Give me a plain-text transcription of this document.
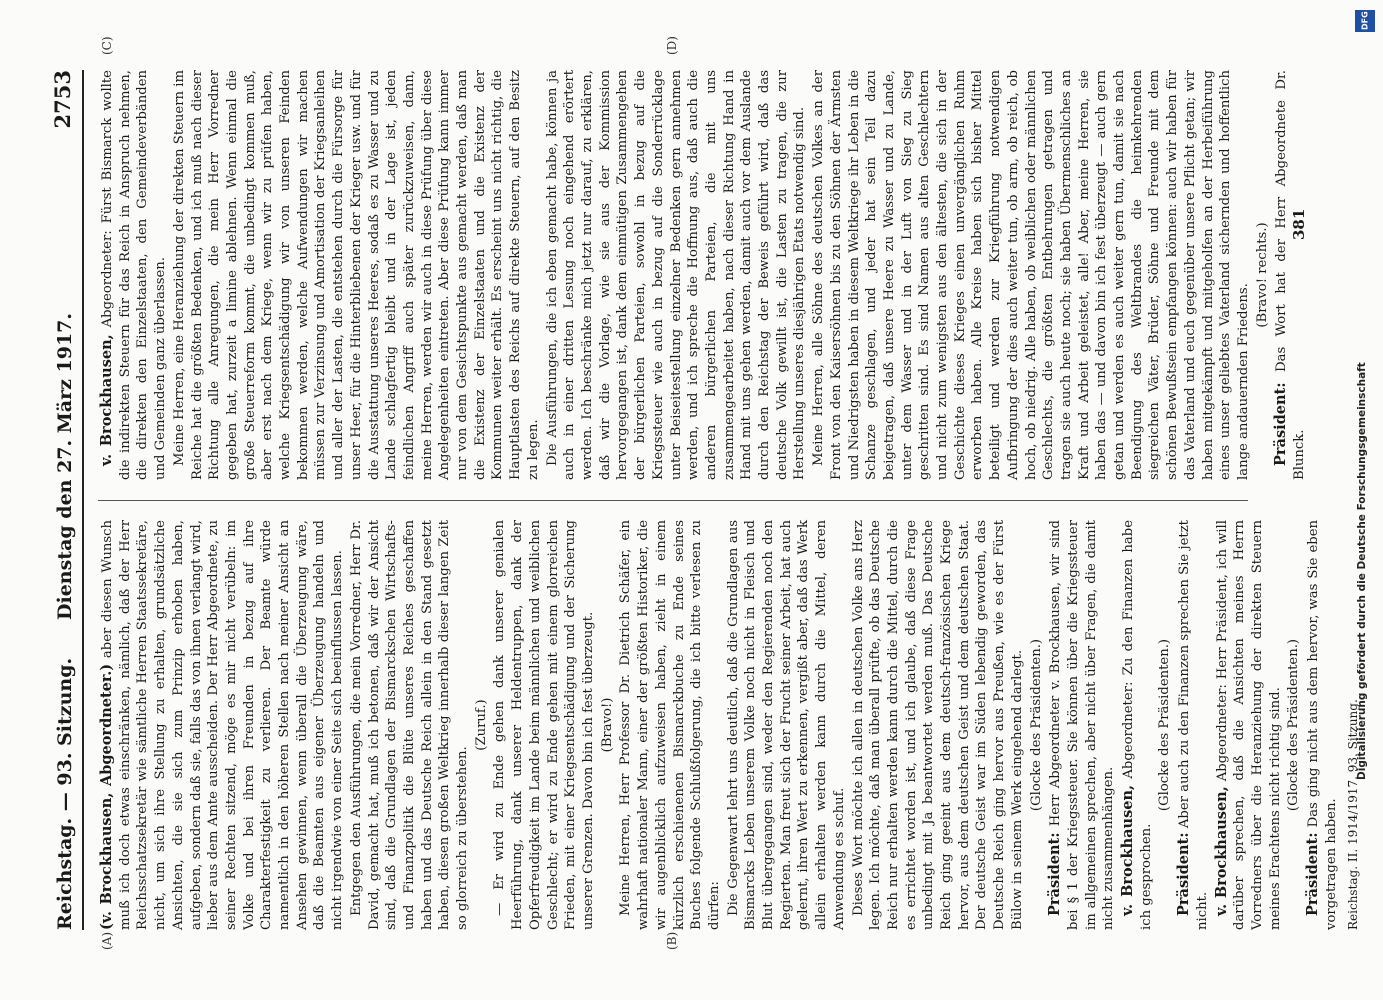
Reichstag. — 93. Sitzung.
Dienstag den 27. März 1917.
2753
(A)	(B)
(C)	(D)

(v. Brockhausen, Abgeordneter.) aber diesen Wunsch muß ich doch etwas einschränken, nämlich, daß der Herr Reichsschatzsekretär wie sämtliche Herren Staatssekretäre, nicht, um sich ihre Stellung zu erhalten, grundsätzliche Ansichten, die sie sich zum Prinzip erhoben haben, aufgeben, sondern daß sie, falls das von ihnen verlangt wird, lieber aus dem Amte ausscheiden. Der Herr Abgeordnete, zu seiner Rechten sitzend, möge es mir nicht verübeln: im Volke und bei ihren Freunden in bezug auf ihre Charakterfestigkeit zu verlieren. Der Beamte würde namentlich in den höheren Stellen nach meiner Ansicht an Ansehen gewinnen, wenn überall die Überzeugung wäre, daß die Beamten aus eigener Überzeugung handeln und nicht irgendwie von einer Seite sich beeinflussen lassen. Entgegen den Ausführungen, die mein Vorredner, Herr Dr. David, gemacht hat, muß ich betonen, daß wir der Ansicht sind, daß die Grundlagen der Bismarckschen Wirtschafts- und Finanzpolitik die Blüte unseres Reiches geschaffen haben und das Deutsche Reich allein in den Stand gesetzt haben, diesen großen Weltkrieg innerhalb dieser langen Zeit so glorreich zu überstehen.

(Zuruf.) — Er wird zu Ende gehen dank unserer genialen Heerführung, dank unserer Heldentruppen, dank der Opferfreudigkeit im Lande beim männlichen und weiblichen Geschlecht; er wird zu Ende gehen mit einem glorreichen Frieden, mit einer Kriegsentschädigung und der Sicherung unserer Grenzen. Davon bin ich fest überzeugt. (Bravo!) Meine Herren, Herr Professor Dr. Dietrich Schäfer, ein wahrhaft nationaler Mann, einer der größten Historiker, die wir augenblicklich aufzuweisen haben, zieht in einem kürzlich erschienenen Bismarckbuche zu Ende seines Buches folgende Schlußfolgerung, die ich bitte verlesen zu dürfen: Die Gegenwart lehrt uns deutlich, daß die Grundlagen aus Bismarcks Leben unserem Volke noch nicht in Fleisch und Blut übergegangen sind, weder den Regierenden noch den Regierten. Man freut sich der Frucht seiner Arbeit, hat auch gelernt, ihren Wert zu erkennen, vergißt aber, daß das Werk allein erhalten werden kann durch die Mittel, deren Anwendung es schuf. Dieses Wort möchte ich allen in deutschen Volke ans Herz legen. Ich möchte, daß man überall prüfte, ob das Deutsche Reich nur erhalten werden kann durch die Mittel, durch die es errichtet worden ist, und ich glaube, daß diese Frage unbedingt mit Ja beantwortet werden muß. Das Deutsche Reich ging geeint aus dem deutsch-französischen Kriege hervor, aus dem deutschen Geist und dem deutschen Staat. Der deutsche Geist war im Süden lebendig geworden, das Deutsche Reich ging hervor aus Preußen, wie es der Fürst Bülow in seinem Werk eingehend darlegt. (Glocke des Präsidenten.)

Präsident: Herr Abgeordneter v. Brockhausen, wir sind bei § 1 der Kriegssteuer. Sie können über die Kriegssteuer im allgemeinen sprechen, aber nicht über Fragen, die damit nicht zusammenhängen. v. Brockhausen, Abgeordneter: Zu den Finanzen habe ich gesprochen.

(Glocke des Präsidenten.)

Präsident: Aber auch zu den Finanzen sprechen Sie jetzt nicht. v. Brockhausen, Abgeordneter: Herr Präsident, ich will darüber sprechen, daß die Ansichten meines Herrn Vorredners über die Heranziehung der direkten Steuern meines Erachtens nicht richtig sind. (Glocke des Präsidenten.)

Präsident: Das ging nicht aus dem hervor, was Sie eben vorgetragen haben. Reichstag. II. 1914/1917. 93. Sitzung.

v. Brockhausen, Abgeordneter: Fürst Bismarck wollte die indirekten Steuern für das Reich in Anspruch nehmen, die direkten den Einzelstaaten, den Gemeindeverbänden und Gemeinden ganz überlassen. Meine Herren, eine Heranziehung der direkten Steuern im Reiche hat die größten Bedenken, und ich muß nach dieser Richtung alle Anregungen, die mein Herr Vorredner gegeben hat, zurzeit a limine ablehnen. Wenn einmal die große Steuerreform kommt, die unbedingt kommen muß, aber erst nach dem Kriege, wenn wir zu prüfen haben, welche Kriegsentschädigung wir von unseren Feinden bekommen werden, welche Aufwendungen wir machen müssen zur Verzinsung und Amortisation der Kriegsanleihen und aller der Lasten, die entstehen durch die Fürsorge für unser Heer, für die Hinterbliebenen der Krieger usw. und für die Ausstattung unseres Heeres, sodaß es zu Wasser und zu Lande schlagfertig bleibt und in der Lage ist, jeden feindlichen Angriff auch später zurückzuweisen, dann, meine Herren, werden wir auch in diese Prüfung über diese Angelegenheiten eintreten. Aber diese Prüfung kann immer nur von dem Gesichtspunkte aus gemacht werden, daß man die Existenz der Einzelstaaten und die Existenz der Kommunen weiter erhält. Es erscheint uns nicht richtig, die Hauptlasten des Reichs auf direkte Steuern, auf den Besitz zu legen. Die Ausführungen, die ich eben gemacht habe, können ja auch in einer dritten Lesung noch eingehend erörtert werden. Ich beschränke mich jetzt nur darauf, zu erklären, daß wir die Vorlage, wie sie aus der Kommission hervorgegangen ist, dank dem einmütigen Zusammengehen der bürgerlichen Parteien, sowohl in bezug auf die Kriegssteuer wie auch in bezug auf die Sonderrücklage unter Beiseitestellung einzelner Bedenken gern annehmen werden, und ich spreche die Hoffnung aus, daß auch die anderen bürgerlichen Parteien, die mit uns zusammengearbeitet haben, nach dieser Richtung Hand in Hand mit uns gehen werden, damit auch vor dem Auslande durch den Reichstag der Beweis geführt wird, daß das deutsche Volk gewillt ist, die Lasten zu tragen, die zur Herstellung unseres diesjährigen Etats notwendig sind. Meine Herren, alle Söhne des deutschen Volkes an der Front von den Kaisersöhnen bis zu den Söhnen der Ärmsten und Niedrigsten haben in diesem Weltkriege ihr Leben in die Schanze geschlagen, und jeder hat sein Teil dazu beigetragen, daß unsere Heere zu Wasser und zu Lande, unter dem Wasser und in der Luft von Sieg zu Sieg geschritten sind. Es sind Namen aus alten Geschlechtern und nicht zum wenigsten aus den ältesten, die sich in der Geschichte dieses Krieges einen unvergänglichen Ruhm erworben haben. Alle Kreise haben sich bisher Mittel beteiligt und werden zur Kriegführung notwendigen Aufbringung der dies auch weiter tun, ob arm, ob reich, ob hoch, ob niedrig. Alle haben, ob weiblichen oder männlichen Geschlechts, die größten Entbehrungen getragen und tragen sie auch heute noch; sie haben Übermenschliches an Kraft und Arbeit geleistet, alle! Aber, meine Herren, sie haben das — und davon bin ich fest überzeugt — auch gern getan und werden es auch weiter gern tun, damit sie nach Beendigung des Weltbrandes die heimkehrenden siegreichen Väter, Brüder, Söhne und Freunde mit dem schönen Bewußtsein empfangen können: auch wir haben für das Vaterland und euch gegenüber unsere Pflicht getan; wir haben mitgekämpft und mitgeholfen an der Herbeiführung eines unser geliebtes Vaterland sichernden und hoffentlich lange andauernden Friedens.

(Bravo! rechts.)

Präsident: Das Wort hat der Herr Abgeordnete Dr. Blunck.

381
DFG
Digitalisierung gefördert durch die Deutsche Forschungsgemeinschaft
